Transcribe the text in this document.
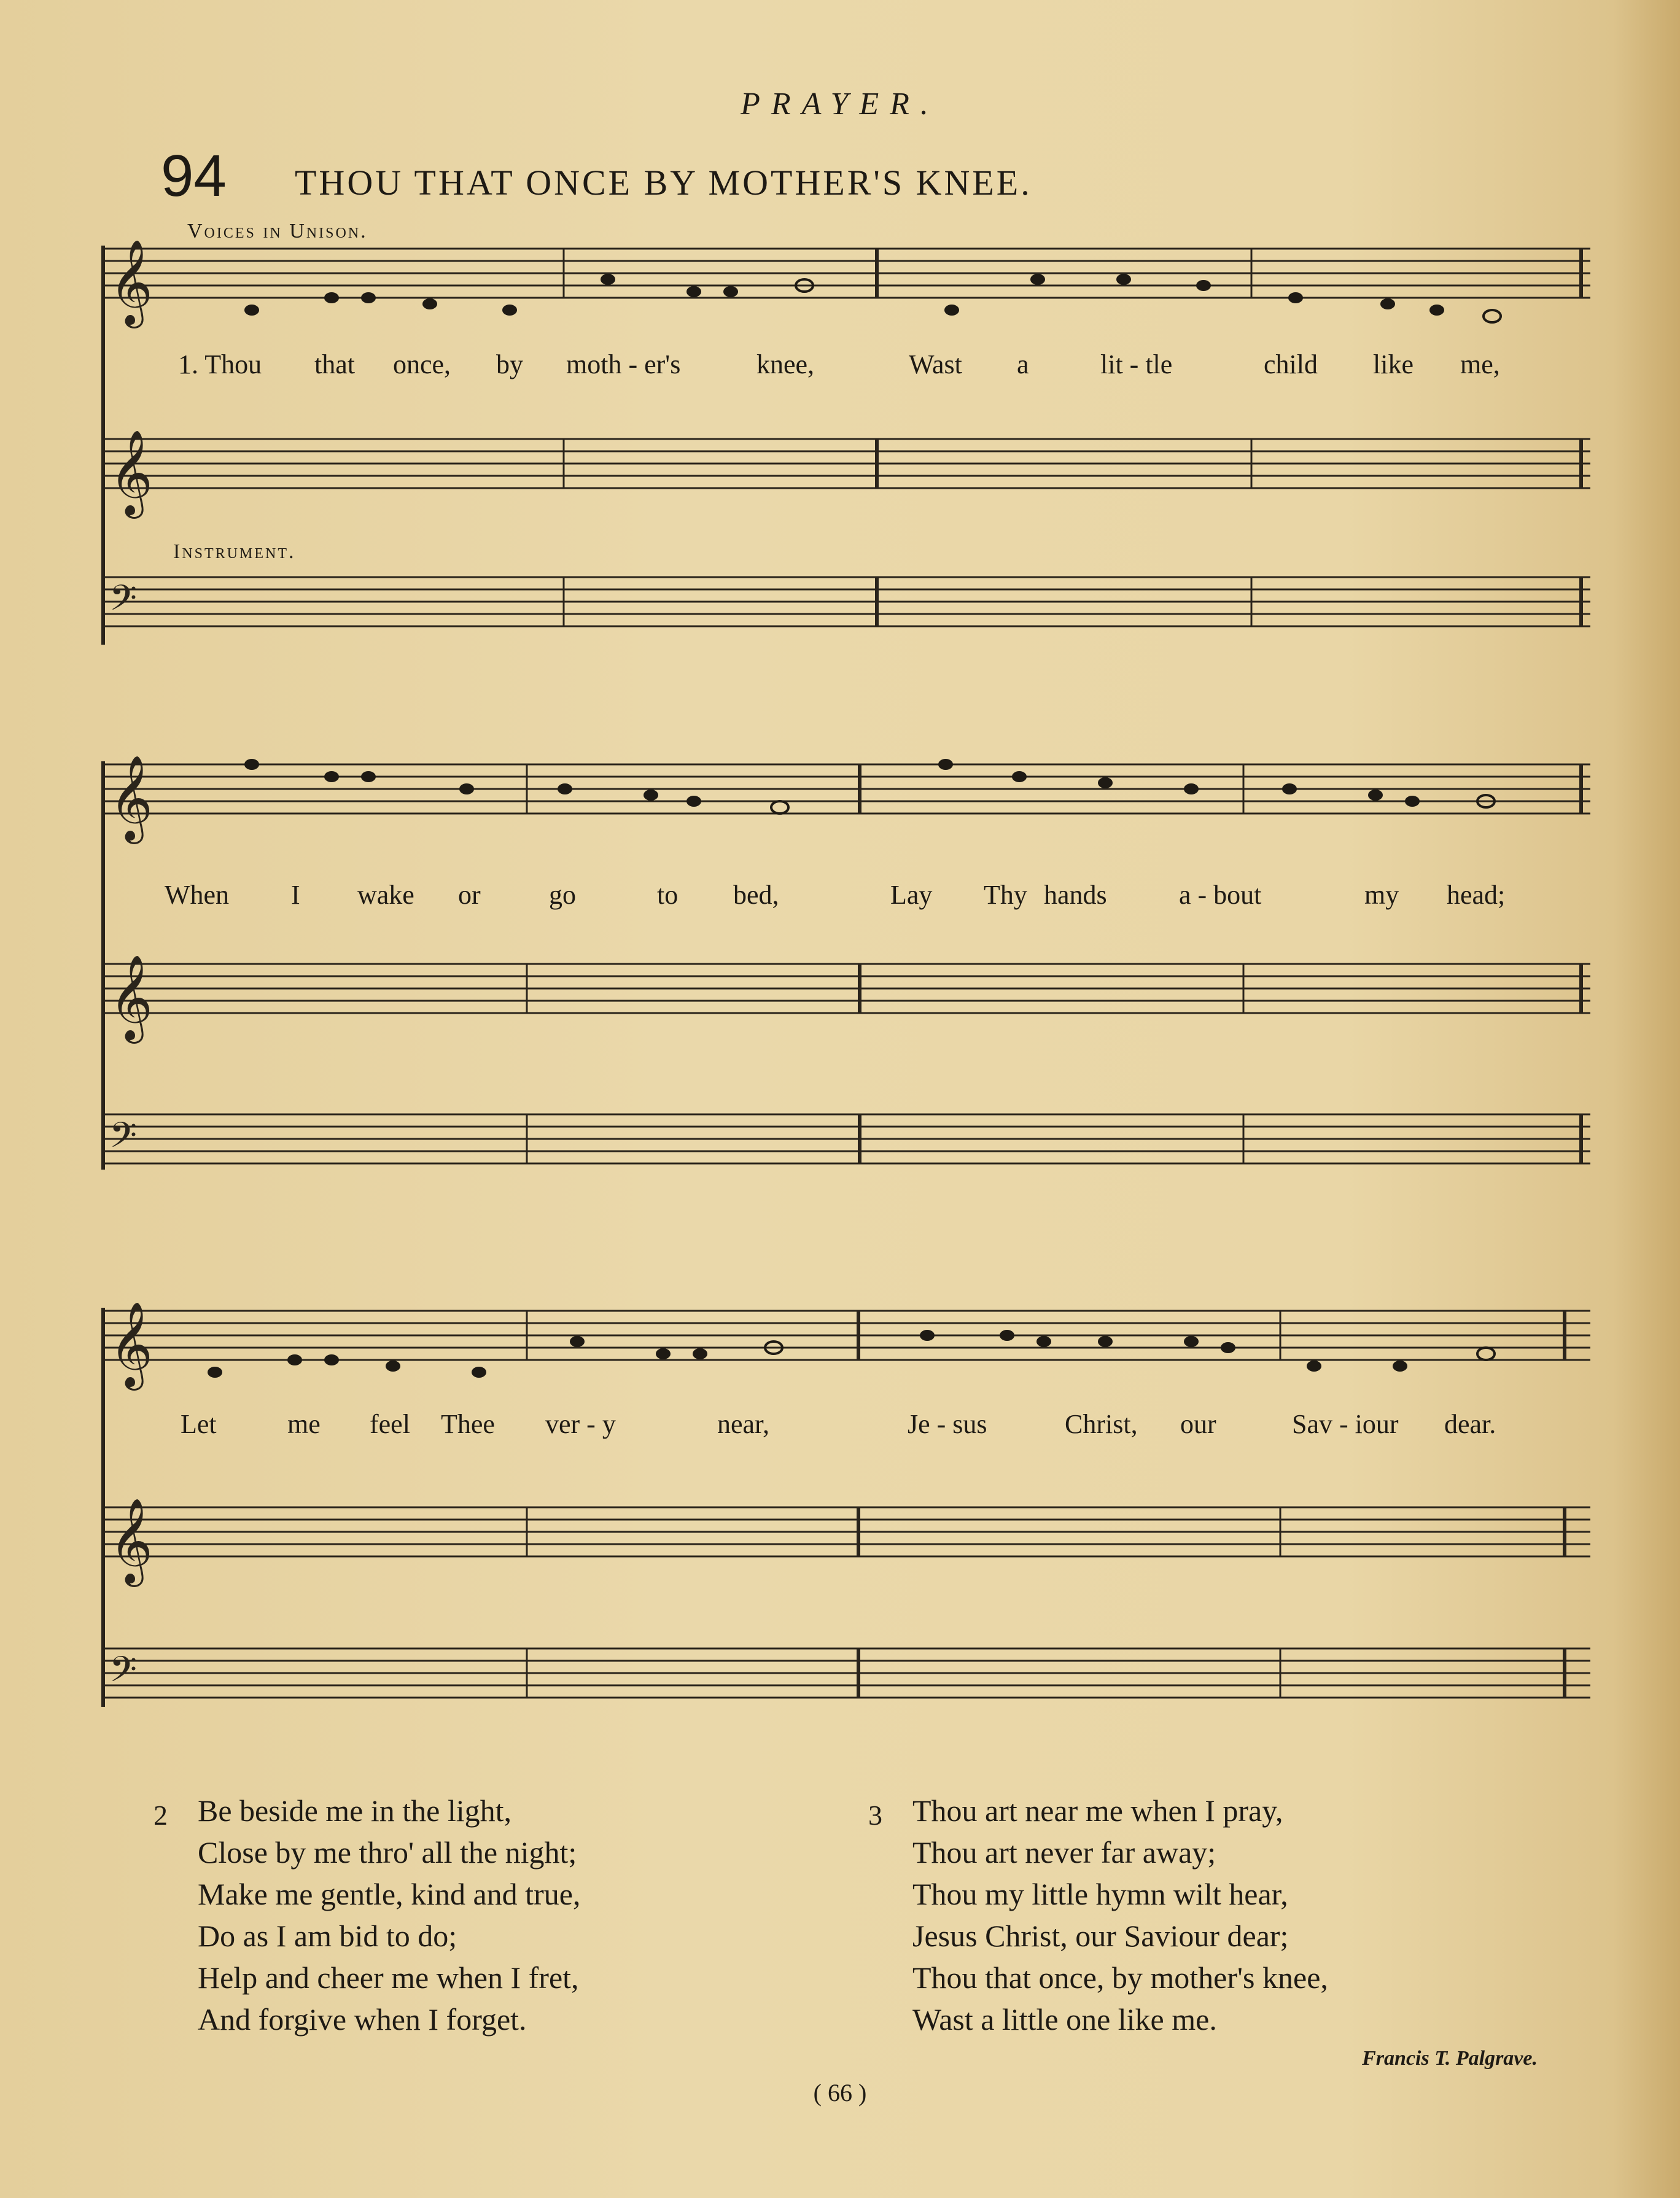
PRAYER.
94 THOU THAT ONCE BY MOTHER'S KNEE.
Voices in Unison.
Instrument.
𝄞
𝄞
𝄢
𝄞
𝄞
𝄢
𝄞
𝄞
𝄢
1. Thou that once, by moth - er's	knee,	Wast a	lit - tle	child like me,
When I wake or	go	to bed,	Lay Thy hands	a - bout	my head;
Let	me feel Thee ver - y	near,	Je - sus	Christ, our	Sav - iour dear.
2 Be beside me in the light,
Close by me thro' all the night;
Make me gentle, kind and true,
Do as I am bid to do;
Help and cheer me when I fret,
And forgive when I forget.
3 Thou art near me when I pray,
Thou art never far away;
Thou my little hymn wilt hear,
Jesus Christ, our Saviour dear;
Thou that once, by mother's knee,
Wast a little one like me.
Francis T. Palgrave.
( 66 )
